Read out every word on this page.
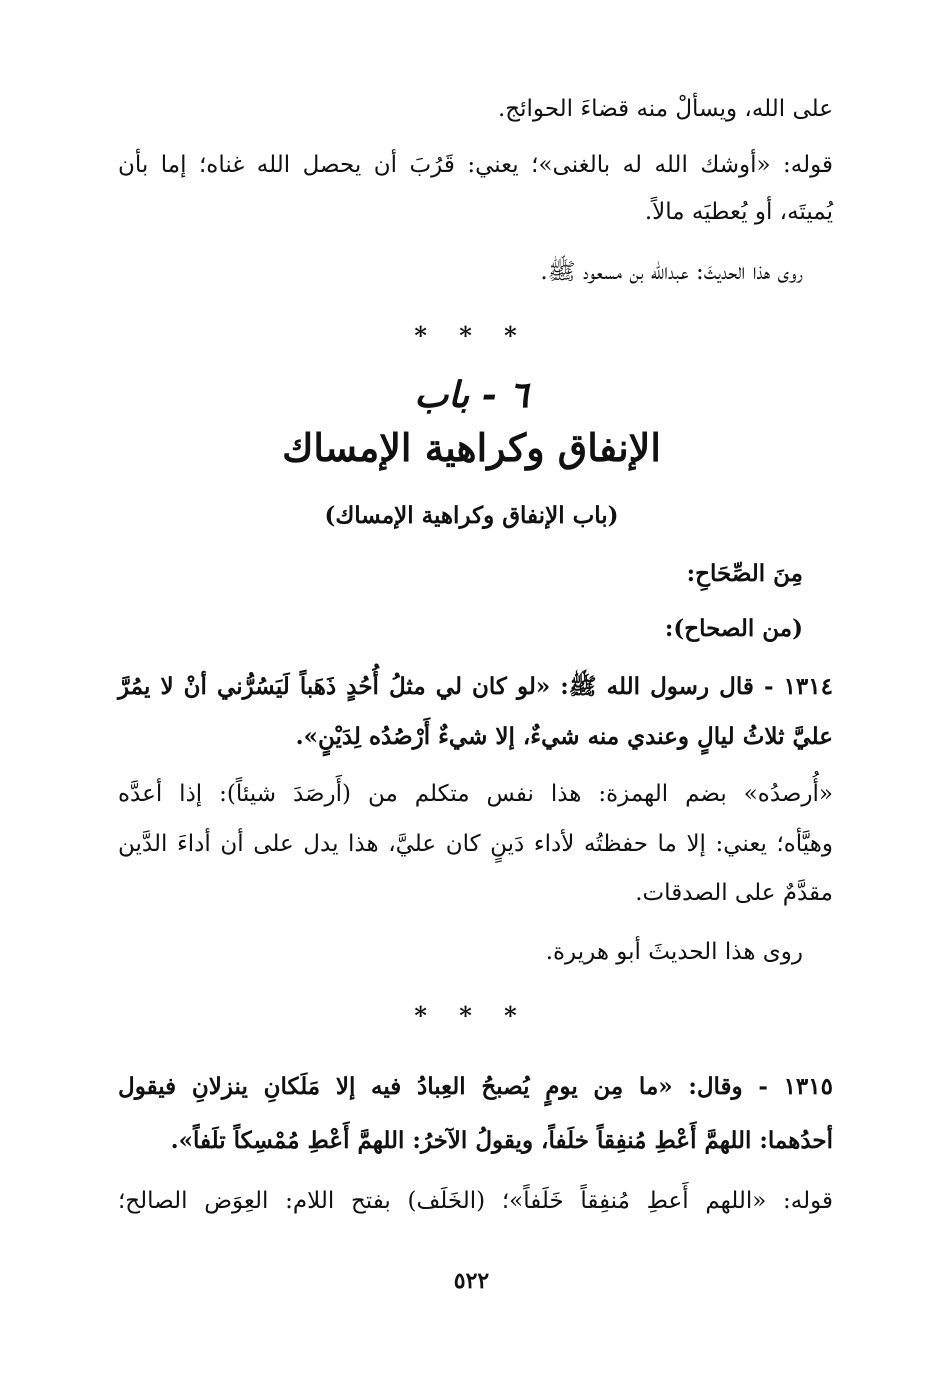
على الله، ويسألْ منه قضاءَ الحوائج.
قوله: «أوشك الله له بالغنى»؛ يعني: قَرُبَ أن يحصل الله غناه؛ إما بأن
يُميتَه، أو يُعطيَه مالاً.
روى هذا الحديثَ: عبدالله بن مسعود ﷺ.
* * *
٦ - باب
الإنفاق وكراهية الإمساك
(باب الإنفاق وكراهية الإمساك)
مِنَ الصِّحَاحِ:
(من الصحاح):
١٣١٤ - قال رسول الله ﷺ: «لو كان لي مثلُ أُحُدٍ ذَهَباً لَيَسُرُّني أنْ لا يمُرَّ
عليَّ ثلاثُ ليالٍ وعندي منه شيءٌ، إلا شيءٌ أَرْصُدُه لِدَيْنٍ».
«أُرصدُه» بضم الهمزة: هذا نفس متكلم من (أَرصَدَ شيئاً): إذا أعدَّه
وهيَّأه؛ يعني: إلا ما حفظتُه لأداء دَينٍ كان عليَّ، هذا يدل على أن أداءَ الدَّين
مقدَّمٌ على الصدقات.
روى هذا الحديثَ أبو هريرة.
* * *
١٣١٥ - وقال: «ما مِن يومٍ يُصبحُ العِبادُ فيه إلا مَلَكانِ ينزلانِ فيقول
أحدُهما: اللهمَّ أَعْطِ مُنفِقاً خلَفاً، ويقولُ الآخرُ: اللهمَّ أَعْطِ مُمْسِكاً تلَفاً».
قوله: «اللهم أَعطِ مُنفِقاً خَلَفاً»؛ (الخَلَف) بفتح اللام: العِوَض الصالح؛
٥٢٢
